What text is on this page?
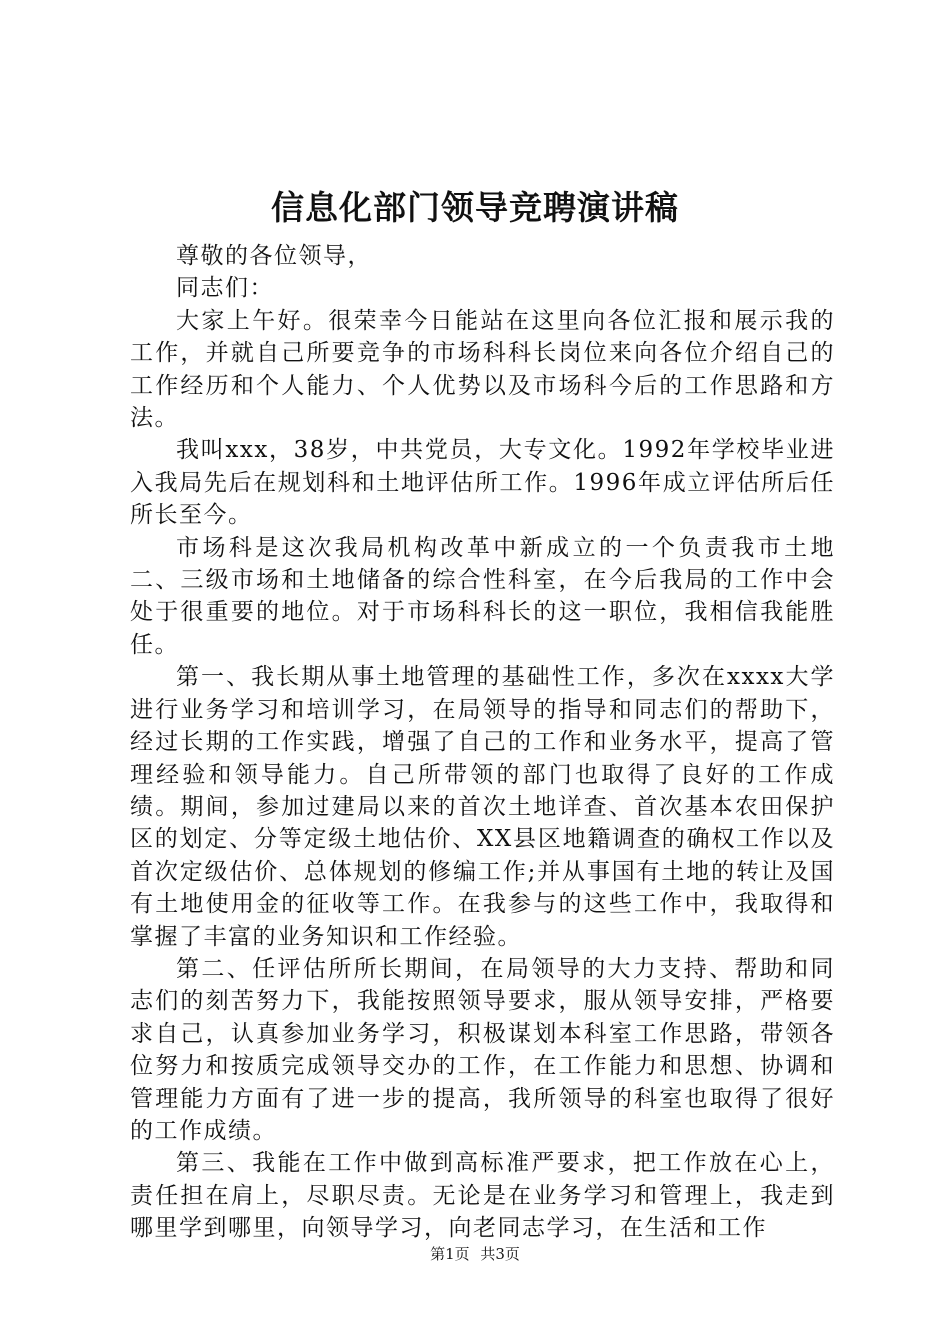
信息化部门领导竞聘演讲稿

尊敬的各位领导，

同志们：

大家上午好。很荣幸今日能站在这里向各位汇报和展示我的工作，并就自己所要竞争的市场科科长岗位来向各位介绍自己的工作经历和个人能力、个人优势以及市场科今后的工作思路和方法。

我叫xxx，38岁，中共党员，大专文化。1992年学校毕业进入我局先后在规划科和土地评估所工作。1996年成立评估所后任所长至今。

市场科是这次我局机构改革中新成立的一个负责我市土地二、三级市场和土地储备的综合性科室，在今后我局的工作中会处于很重要的地位。对于市场科科长的这一职位，我相信我能胜任。

第一、我长期从事土地管理的基础性工作，多次在xxxx大学进行业务学习和培训学习，在局领导的指导和同志们的帮助下，经过长期的工作实践，增强了自己的工作和业务水平，提高了管理经验和领导能力。自己所带领的部门也取得了良好的工作成绩。期间，参加过建局以来的首次土地详查、首次基本农田保护区的划定、分等定级土地估价、XX县区地籍调查的确权工作以及首次定级估价、总体规划的修编工作;并从事国有土地的转让及国有土地使用金的征收等工作。在我参与的这些工作中，我取得和掌握了丰富的业务知识和工作经验。

第二、任评估所所长期间，在局领导的大力支持、帮助和同志们的刻苦努力下，我能按照领导要求，服从领导安排，严格要求自己，认真参加业务学习，积极谋划本科室工作思路，带领各位努力和按质完成领导交办的工作，在工作能力和思想、协调和管理能力方面有了进一步的提高，我所领导的科室也取得了很好的工作成绩。

第三、我能在工作中做到高标准严要求，把工作放在心上，责任担在肩上，尽职尽责。无论是在业务学习和管理上，我走到哪里学到哪里，向领导学习，向老同志学习，在生活和工作

第1页 共3页
